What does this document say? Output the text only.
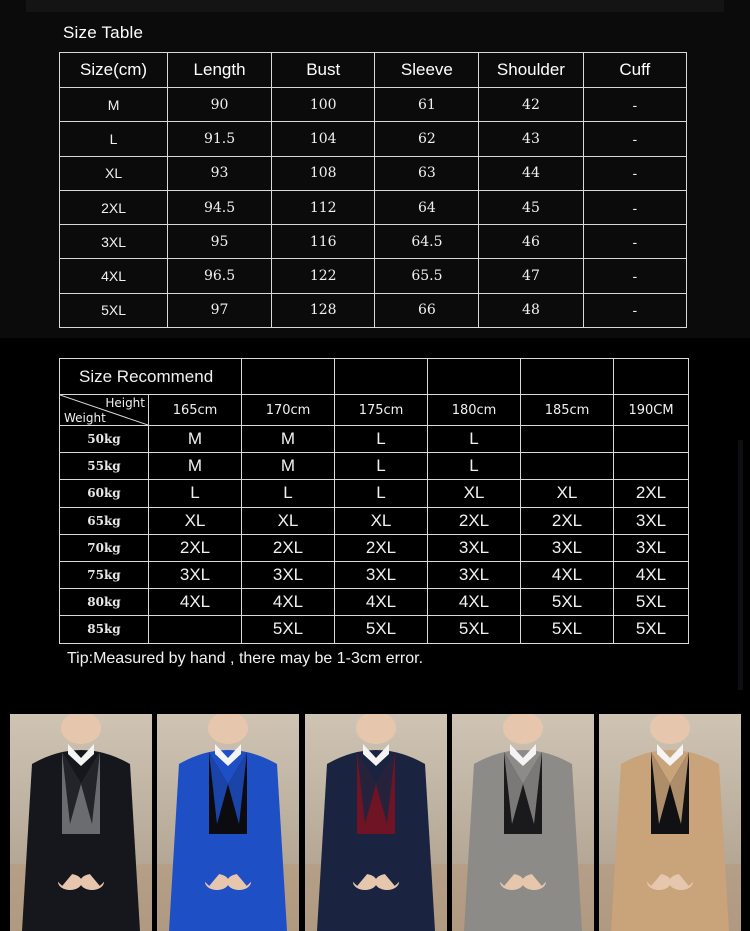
Size Table
Size(cm)	Length	Bust	Sleeve	Shoulder	Cuff
M	90	100	61	42	-
L	91.5	104	62	43	-
XL	93	108	63	44	-
2XL	94.5	112	64	45	-
3XL	95	116	64.5	46	-
4XL	96.5	122	65.5	47	-
5XL	97	128	66	48	-
Size Recommend						

Height
Weight	165cm	170cm	175cm	180cm	185cm	190CM
50kg	M	M	L	L		
55kg	M	M	L	L		
60kg	L	L	L	XL	XL	2XL
65kg	XL	XL	XL	2XL	2XL	3XL
70kg	2XL	2XL	2XL	3XL	3XL	3XL
75kg	3XL	3XL	3XL	3XL	4XL	4XL
80kg	4XL	4XL	4XL	4XL	5XL	5XL
85kg		5XL	5XL	5XL	5XL	5XL
Tip:Measured by hand , there may be 1-3cm error.
